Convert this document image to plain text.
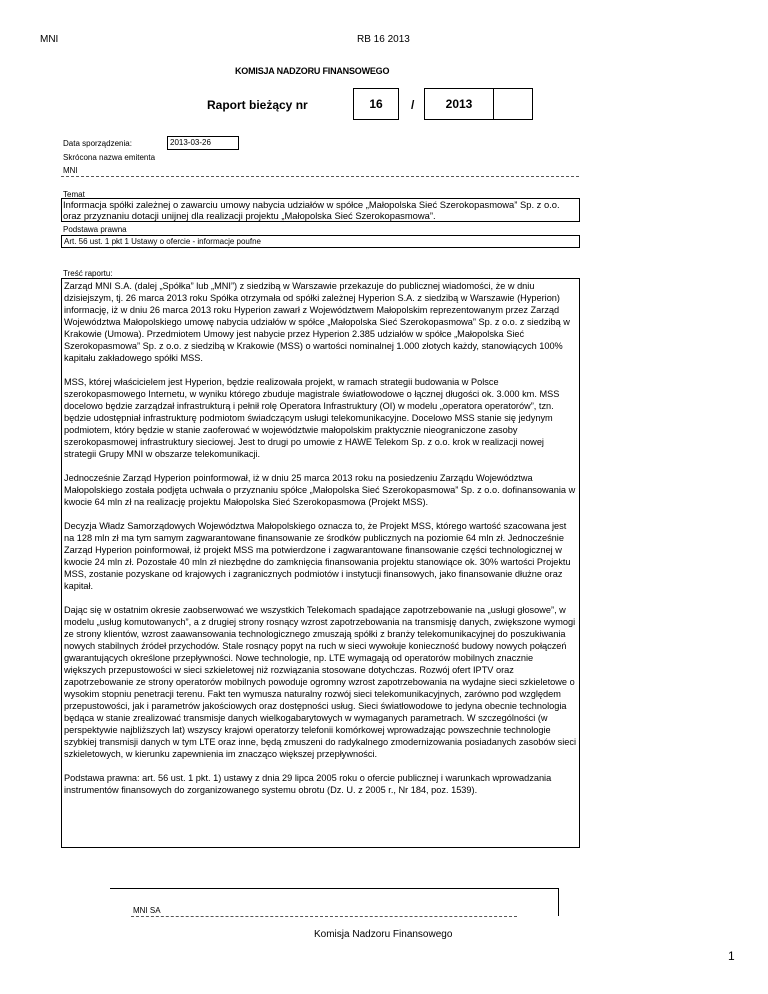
MNI	RB 16 2013
KOMISJA NADZORU FINANSOWEGO
Raport bieżący nr	16	/	2013
Data sporządzenia:	2013-03-26
Skrócona nazwa emitenta
MNI
Temat
Informacja spółki zależnej o zawarciu umowy nabycia udziałów w spółce „Małopolska Sieć Szerokopasmowa” Sp. z o.o. oraz przyznaniu dotacji unijnej dla realizacji projektu „Małopolska Sieć Szerokopasmowa”.
Podstawa prawna
Art. 56 ust. 1 pkt 1 Ustawy o ofercie - informacje poufne
Treść raportu:

Zarząd MNI S.A. (dalej „Spółka” lub „MNI”) z siedzibą w Warszawie przekazuje do publicznej wiadomości, że w dniu dzisiejszym, tj. 26 marca 2013 roku Spółka otrzymała od spółki zależnej Hyperion S.A. z siedzibą w Warszawie (Hyperion) informację, iż w dniu 26 marca 2013 roku Hyperion zawarł z Województwem Małopolskim reprezentowanym przez Zarząd Województwa Małopolskiego umowę nabycia udziałów w spółce „Małopolska Sieć Szerokopasmowa” Sp. z o.o. z siedzibą w Krakowie (Umowa). Przedmiotem Umowy jest nabycie przez Hyperion 2.385 udziałów w spółce „Małopolska Sieć Szerokopasmowa” Sp. z o.o. z siedzibą w Krakowie (MSS) o wartości nominalnej 1.000 złotych każdy, stanowiących 100% kapitału zakładowego spółki MSS.

MSS, której właścicielem jest Hyperion, będzie realizowała projekt, w ramach strategii budowania w Polsce szerokopasmowego Internetu, w wyniku którego zbuduje magistrale światłowodowe o łącznej długości ok. 3.000 km. MSS docelowo będzie zarządzał infrastrukturą i pełnił rolę Operatora Infrastruktury (OI) w modelu „operatora operatorów”, tzn. będzie udostępniał infrastrukturę podmiotom świadczącym usługi telekomunikacyjne. Docelowo MSS stanie się jedynym podmiotem, który będzie w stanie zaoferować w województwie małopolskim praktycznie nieograniczone zasoby szerokopasmowej infrastruktury sieciowej. Jest to drugi po umowie z HAWE Telekom Sp. z o.o. krok w realizacji nowej strategii Grupy MNI w obszarze telekomunikacji.

Jednocześnie Zarząd Hyperion poinformował, iż w dniu 25 marca 2013 roku na posiedzeniu Zarządu Województwa Małopolskiego została podjęta uchwała o przyznaniu spółce „Małopolska Sieć Szerokopasmowa” Sp. z o.o. dofinansowania w kwocie 64 mln zł na realizację projektu Małopolska Sieć Szerokopasmowa (Projekt MSS).

Decyzja Władz Samorządowych Województwa Małopolskiego oznacza to, że Projekt MSS, którego wartość szacowana jest na 128 mln zł ma tym samym zagwarantowane finansowanie ze środków publicznych na poziomie 64 mln zł. Jednocześnie Zarząd Hyperion poinformował, iż projekt MSS ma potwierdzone i zagwarantowane finansowanie części technologicznej w kwocie 24 mln zł. Pozostałe 40 mln zł niezbędne do zamknięcia finansowania projektu stanowiące ok. 30% wartości Projektu MSS, zostanie pozyskane od krajowych i zagranicznych podmiotów i instytucji finansowych, jako finansowanie dłużne oraz kapitał.

Dając się w ostatnim okresie zaobserwować we wszystkich Telekomach spadające zapotrzebowanie na „usługi głosowe”, w modelu „usług komutowanych”, a z drugiej strony rosnący wzrost zapotrzebowania na transmisję danych, zwiększone wymogi ze strony klientów, wzrost zaawansowania technologicznego zmuszają spółki z branży telekomunikacyjnej do poszukiwania nowych stabilnych źródeł przychodów. Stale rosnący popyt na ruch w sieci wywołuje konieczność budowy nowych połączeń gwarantujących określone przepływności. Nowe technologie, np. LTE wymagają od operatorów mobilnych znacznie większych przepustowości w sieci szkieletowej niż rozwiązania stosowane dotychczas. Rozwój ofert IPTV oraz zapotrzebowanie ze strony operatorów mobilnych powoduje ogromny wzrost zapotrzebowania na wydajne sieci szkieletowe o wysokim stopniu penetracji terenu. Fakt ten wymusza naturalny rozwój sieci telekomunikacyjnych, zarówno pod względem przepustowości, jak i parametrów jakościowych oraz dostępności usług. Sieci światłowodowe to jedyna obecnie technologia będąca w stanie zrealizować transmisje danych wielkogabarytowych w wymaganych parametrach. W szczególności (w perspektywie najbliższych lat) wszyscy krajowi operatorzy telefonii komórkowej wprowadzając powszechnie technologie szybkiej transmisji danych w tym LTE oraz inne, będą zmuszeni do radykalnego zmodernizowania posiadanych zasobów sieci szkieletowych, w kierunku zapewnienia im znacząco większej przepływności.

Podstawa prawna: art. 56 ust. 1 pkt. 1) ustawy z dnia 29 lipca 2005 roku o ofercie publicznej i warunkach wprowadzania instrumentów finansowych do zorganizowanego systemu obrotu (Dz. U. z 2005 r., Nr 184, poz. 1539).

MNI SA
Komisja Nadzoru Finansowego
1
